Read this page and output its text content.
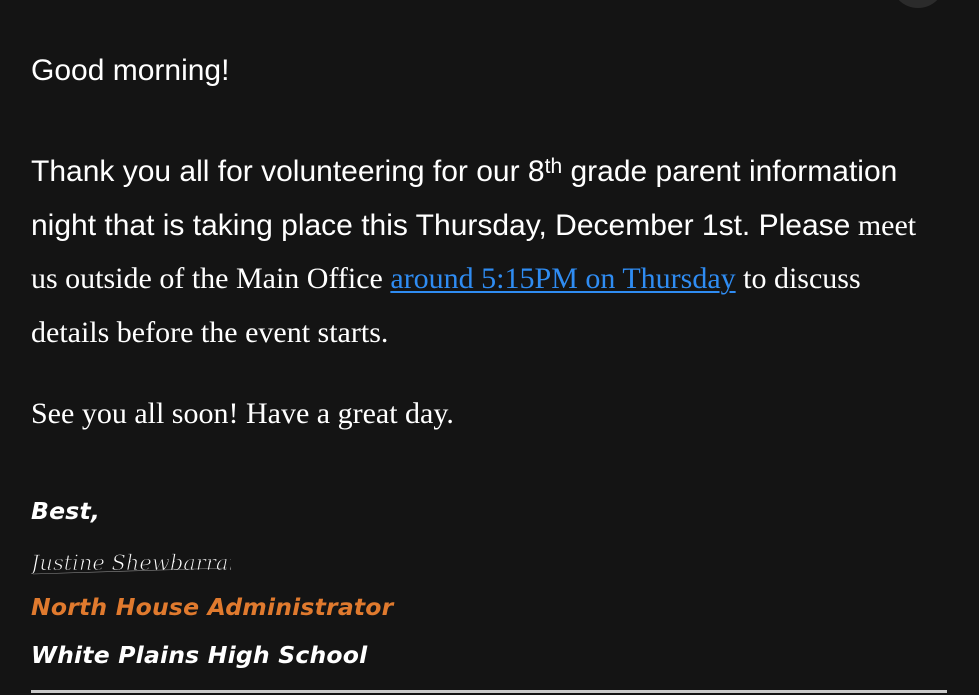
Good morning!
Thank you all for volunteering for our 8th grade parent information night that is taking place this Thursday, December 1st. Please meet us outside of the Main Office around 5:15PM on Thursday to discuss details before the event starts.
See you all soon! Have a great day.
Best,
Justine Shewbarran
North House Administrator
White Plains High School
